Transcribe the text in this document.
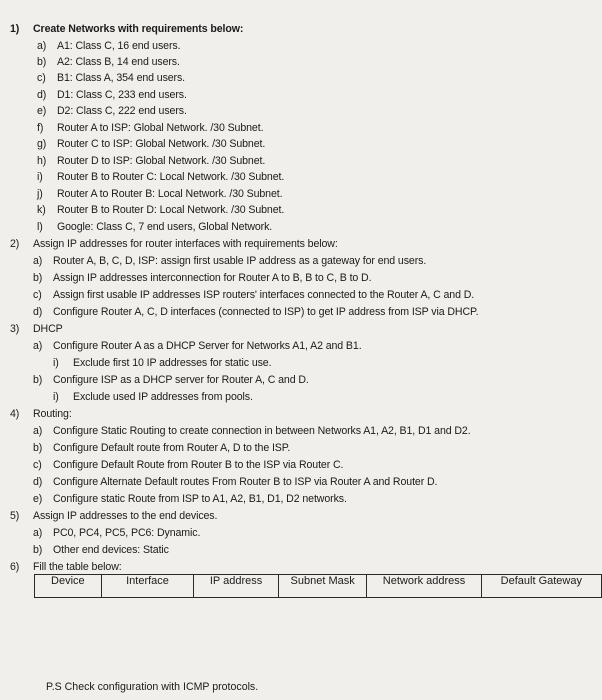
1) Create Networks with requirements below:
a) A1: Class C, 16 end users.
b) A2: Class B, 14 end users.
c) B1: Class A, 354 end users.
d) D1: Class C, 233 end users.
e) D2: Class C, 222 end users.
f) Router A to ISP: Global Network. /30 Subnet.
g) Router C to ISP: Global Network. /30 Subnet.
h) Router D to ISP: Global Network. /30 Subnet.
i) Router B to Router C: Local Network. /30 Subnet.
j) Router A to Router B: Local Network. /30 Subnet.
k) Router B to Router D: Local Network. /30 Subnet.
l) Google: Class C, 7 end users, Global Network.
2) Assign IP addresses for router interfaces with requirements below:
a) Router A, B, C, D, ISP: assign first usable IP address as a gateway for end users.
b) Assign IP addresses interconnection for Router A to B, B to C, B to D.
c) Assign first usable IP addresses ISP routers' interfaces connected to the Router A, C and D.
d) Configure Router A, C, D interfaces (connected to ISP) to get IP address from ISP via DHCP.
3) DHCP
a) Configure Router A as a DHCP Server for Networks A1, A2 and B1.
i) Exclude first 10 IP addresses for static use.
b) Configure ISP as a DHCP server for Router A, C and D.
i) Exclude used IP addresses from pools.
4) Routing:
a) Configure Static Routing to create connection in between Networks A1, A2, B1, D1 and D2.
b) Configure Default route from Router A, D to the ISP.
c) Configure Default Route from Router B to the ISP via Router C.
d) Configure Alternate Default routes From Router B to ISP via Router A and Router D.
e) Configure static Route from ISP to A1, A2, B1, D1, D2 networks.
5) Assign IP addresses to the end devices.
a) PC0, PC4, PC5, PC6: Dynamic.
b) Other end devices: Static
6) Fill the table below:
Device	Interface	IP address	Subnet Mask	Network address	Default Gateway
P.S Check configuration with ICMP protocols.
